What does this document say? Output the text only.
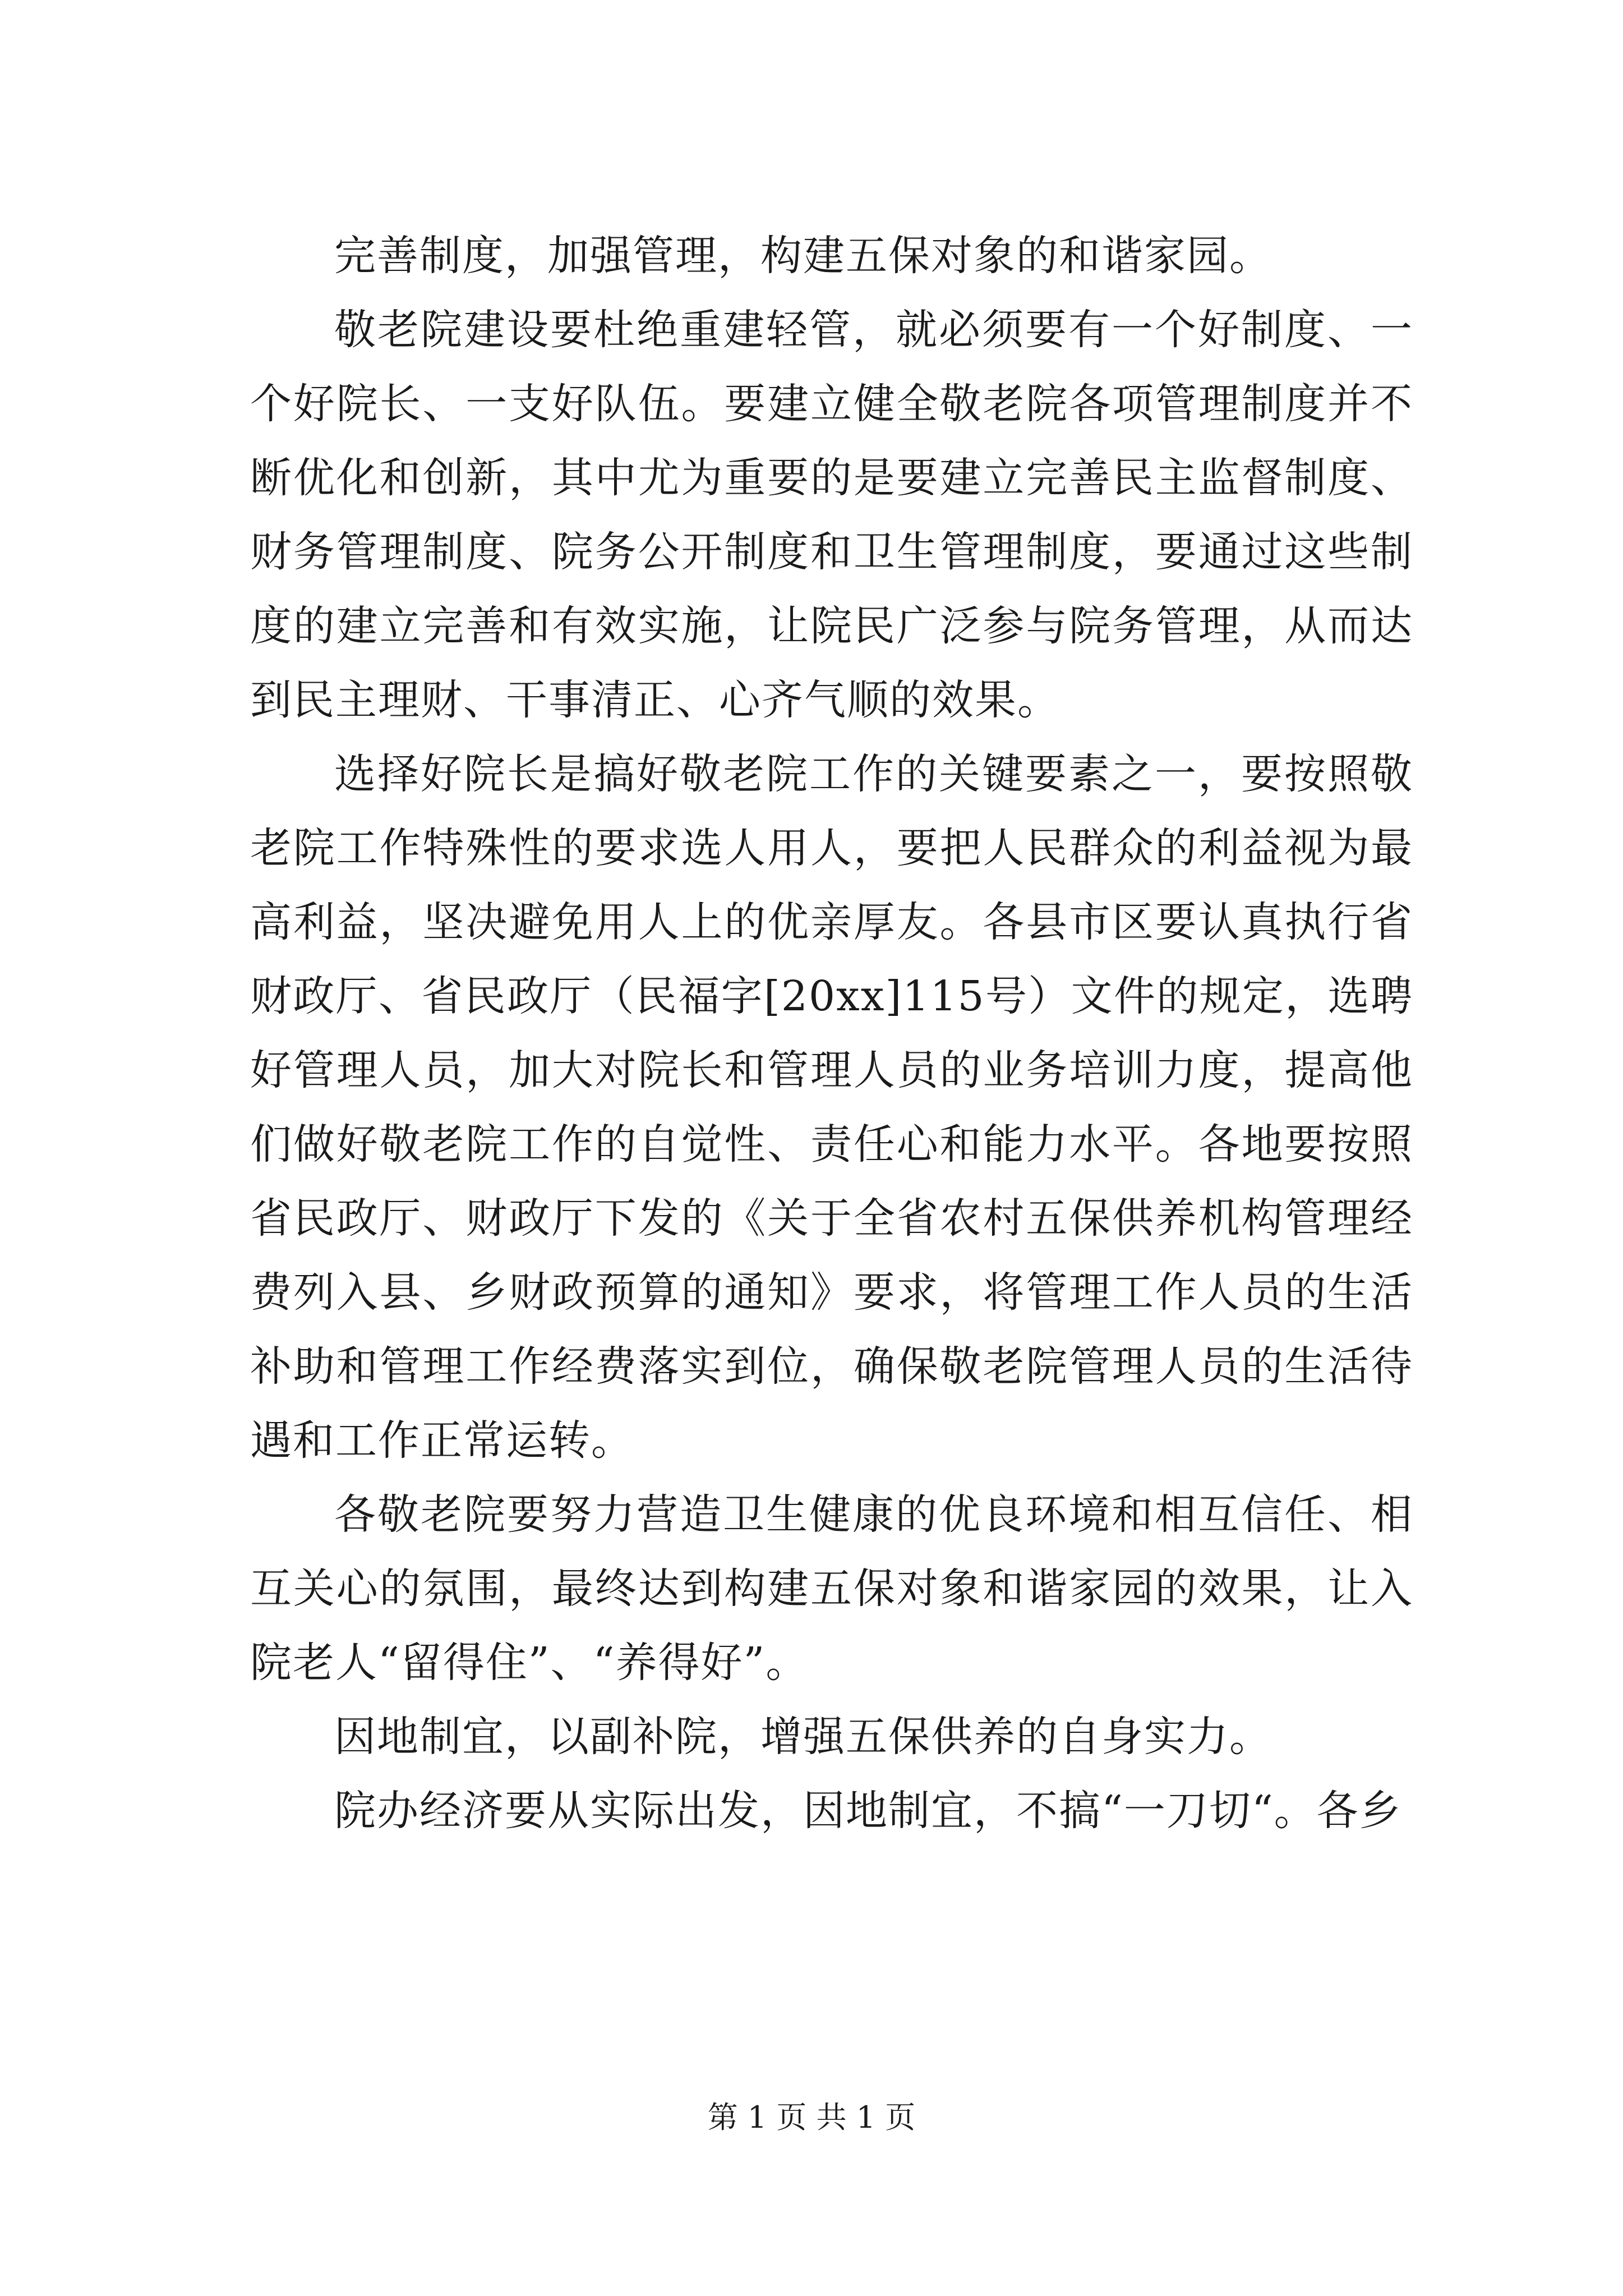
完善制度，加强管理，构建五保对象的和谐家园。

敬老院建设要杜绝重建轻管，就必须要有一个好制度、一个好院长、一支好队伍。要建立健全敬老院各项管理制度并不断优化和创新，其中尤为重要的是要建立完善民主监督制度、财务管理制度、院务公开制度和卫生管理制度，要通过这些制度的建立完善和有效实施，让院民广泛参与院务管理，从而达到民主理财、干事清正、心齐气顺的效果。

选择好院长是搞好敬老院工作的关键要素之一，要按照敬老院工作特殊性的要求选人用人，要把人民群众的利益视为最高利益，坚决避免用人上的优亲厚友。各县市区要认真执行省财政厅、省民政厅（民福字[20xx]115号）文件的规定，选聘好管理人员，加大对院长和管理人员的业务培训力度，提高他们做好敬老院工作的自觉性、责任心和能力水平。各地要按照省民政厅、财政厅下发的《关于全省农村五保供养机构管理经费列入县、乡财政预算的通知》要求，将管理工作人员的生活补助和管理工作经费落实到位，确保敬老院管理人员的生活待遇和工作正常运转。

各敬老院要努力营造卫生健康的优良环境和相互信任、相互关心的氛围，最终达到构建五保对象和谐家园的效果，让入院老人“留得住”、“养得好”。

因地制宜，以副补院，增强五保供养的自身实力。

院办经济要从实际出发，因地制宜，不搞“一刀切“。各乡

第 1 页 共 1 页
